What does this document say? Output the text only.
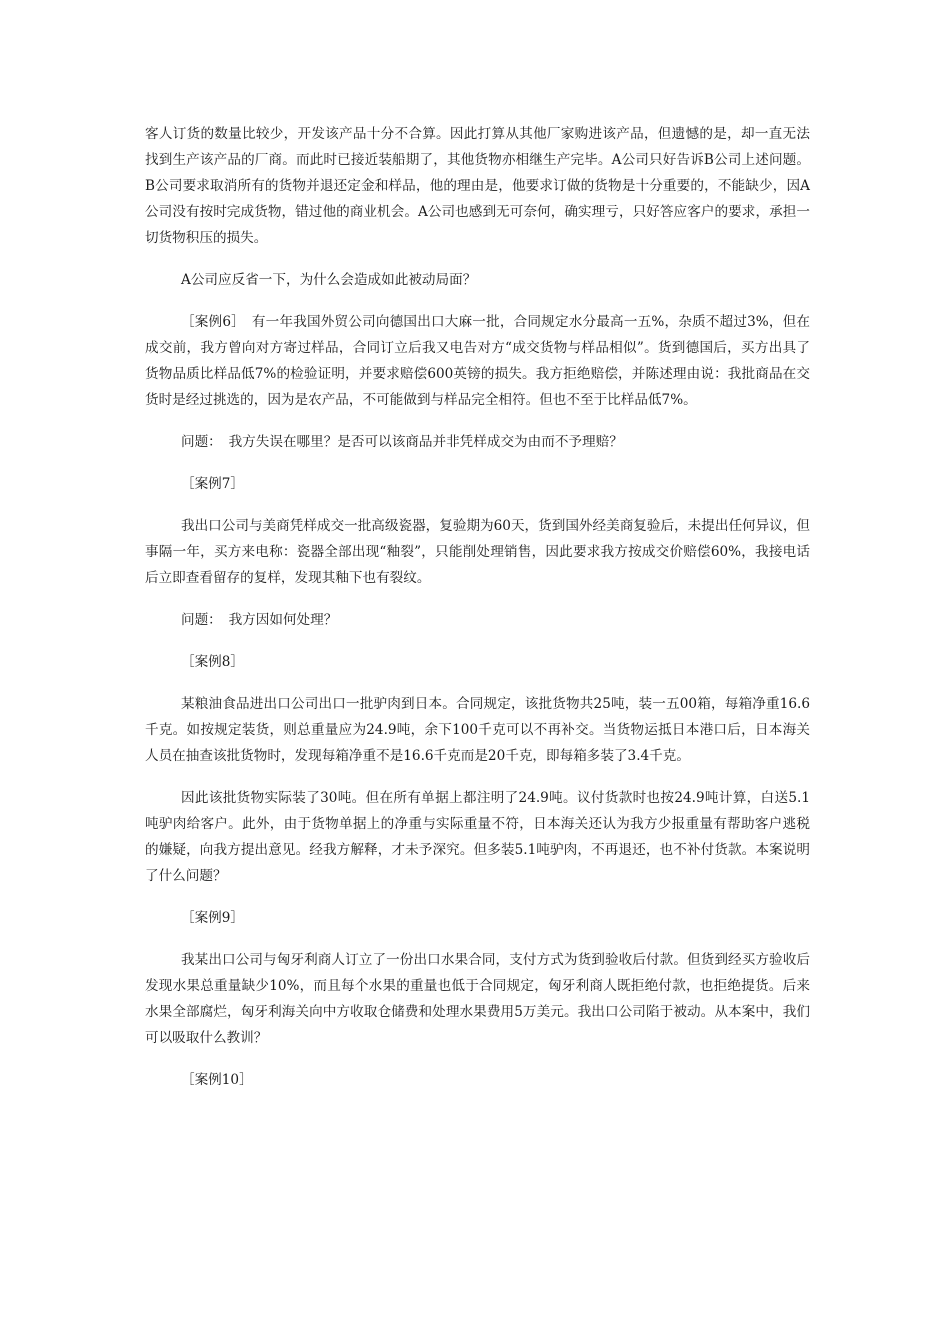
客人订货的数量比较少，开发该产品十分不合算。因此打算从其他厂家购进该产品，但遗憾的是，却一直无法找到生产该产品的厂商。而此时已接近装船期了，其他货物亦相继生产完毕。A公司只好告诉B公司上述问题。B公司要求取消所有的货物并退还定金和样品，他的理由是，他要求订做的货物是十分重要的，不能缺少，因A公司没有按时完成货物，错过他的商业机会。A公司也感到无可奈何，确实理亏，只好答应客户的要求，承担一切货物积压的损失。

A公司应反省一下，为什么会造成如此被动局面？

［案例6］　有一年我国外贸公司向德国出口大麻一批，合同规定水分最高一五%，杂质不超过3%，但在成交前，我方曾向对方寄过样品，合同订立后我又电告对方“成交货物与样品相似”。货到德国后，买方出具了货物品质比样品低7%的检验证明，并要求赔偿600英镑的损失。我方拒绝赔偿，并陈述理由说：我批商品在交货时是经过挑选的，因为是农产品，不可能做到与样品完全相符。但也不至于比样品低7%。

问题：　我方失误在哪里？是否可以该商品并非凭样成交为由而不予理赔？

［案例7］

我出口公司与美商凭样成交一批高级瓷器，复验期为60天，货到国外经美商复验后，未提出任何异议，但事隔一年，买方来电称：瓷器全部出现“釉裂”，只能削处理销售，因此要求我方按成交价赔偿60%，我接电话后立即查看留存的复样，发现其釉下也有裂纹。

问题：　我方因如何处理？

［案例8］

某粮油食品进出口公司出口一批驴肉到日本。合同规定，该批货物共25吨，装一五00箱，每箱净重16.6千克。如按规定装货，则总重量应为24.9吨，余下100千克可以不再补交。当货物运抵日本港口后，日本海关人员在抽查该批货物时，发现每箱净重不是16.6千克而是20千克，即每箱多装了3.4千克。

因此该批货物实际装了30吨。但在所有单据上都注明了24.9吨。议付货款时也按24.9吨计算，白送5.1吨驴肉给客户。此外，由于货物单据上的净重与实际重量不符，日本海关还认为我方少报重量有帮助客户逃税的嫌疑，向我方提出意见。经我方解释，才未予深究。但多装5.1吨驴肉，不再退还，也不补付货款。本案说明了什么问题？

［案例9］

我某出口公司与匈牙利商人订立了一份出口水果合同，支付方式为货到验收后付款。但货到经买方验收后发现水果总重量缺少10%，而且每个水果的重量也低于合同规定，匈牙利商人既拒绝付款，也拒绝提货。后来水果全部腐烂，匈牙利海关向中方收取仓储费和处理水果费用5万美元。我出口公司陷于被动。从本案中，我们可以吸取什么教训？

［案例10］
